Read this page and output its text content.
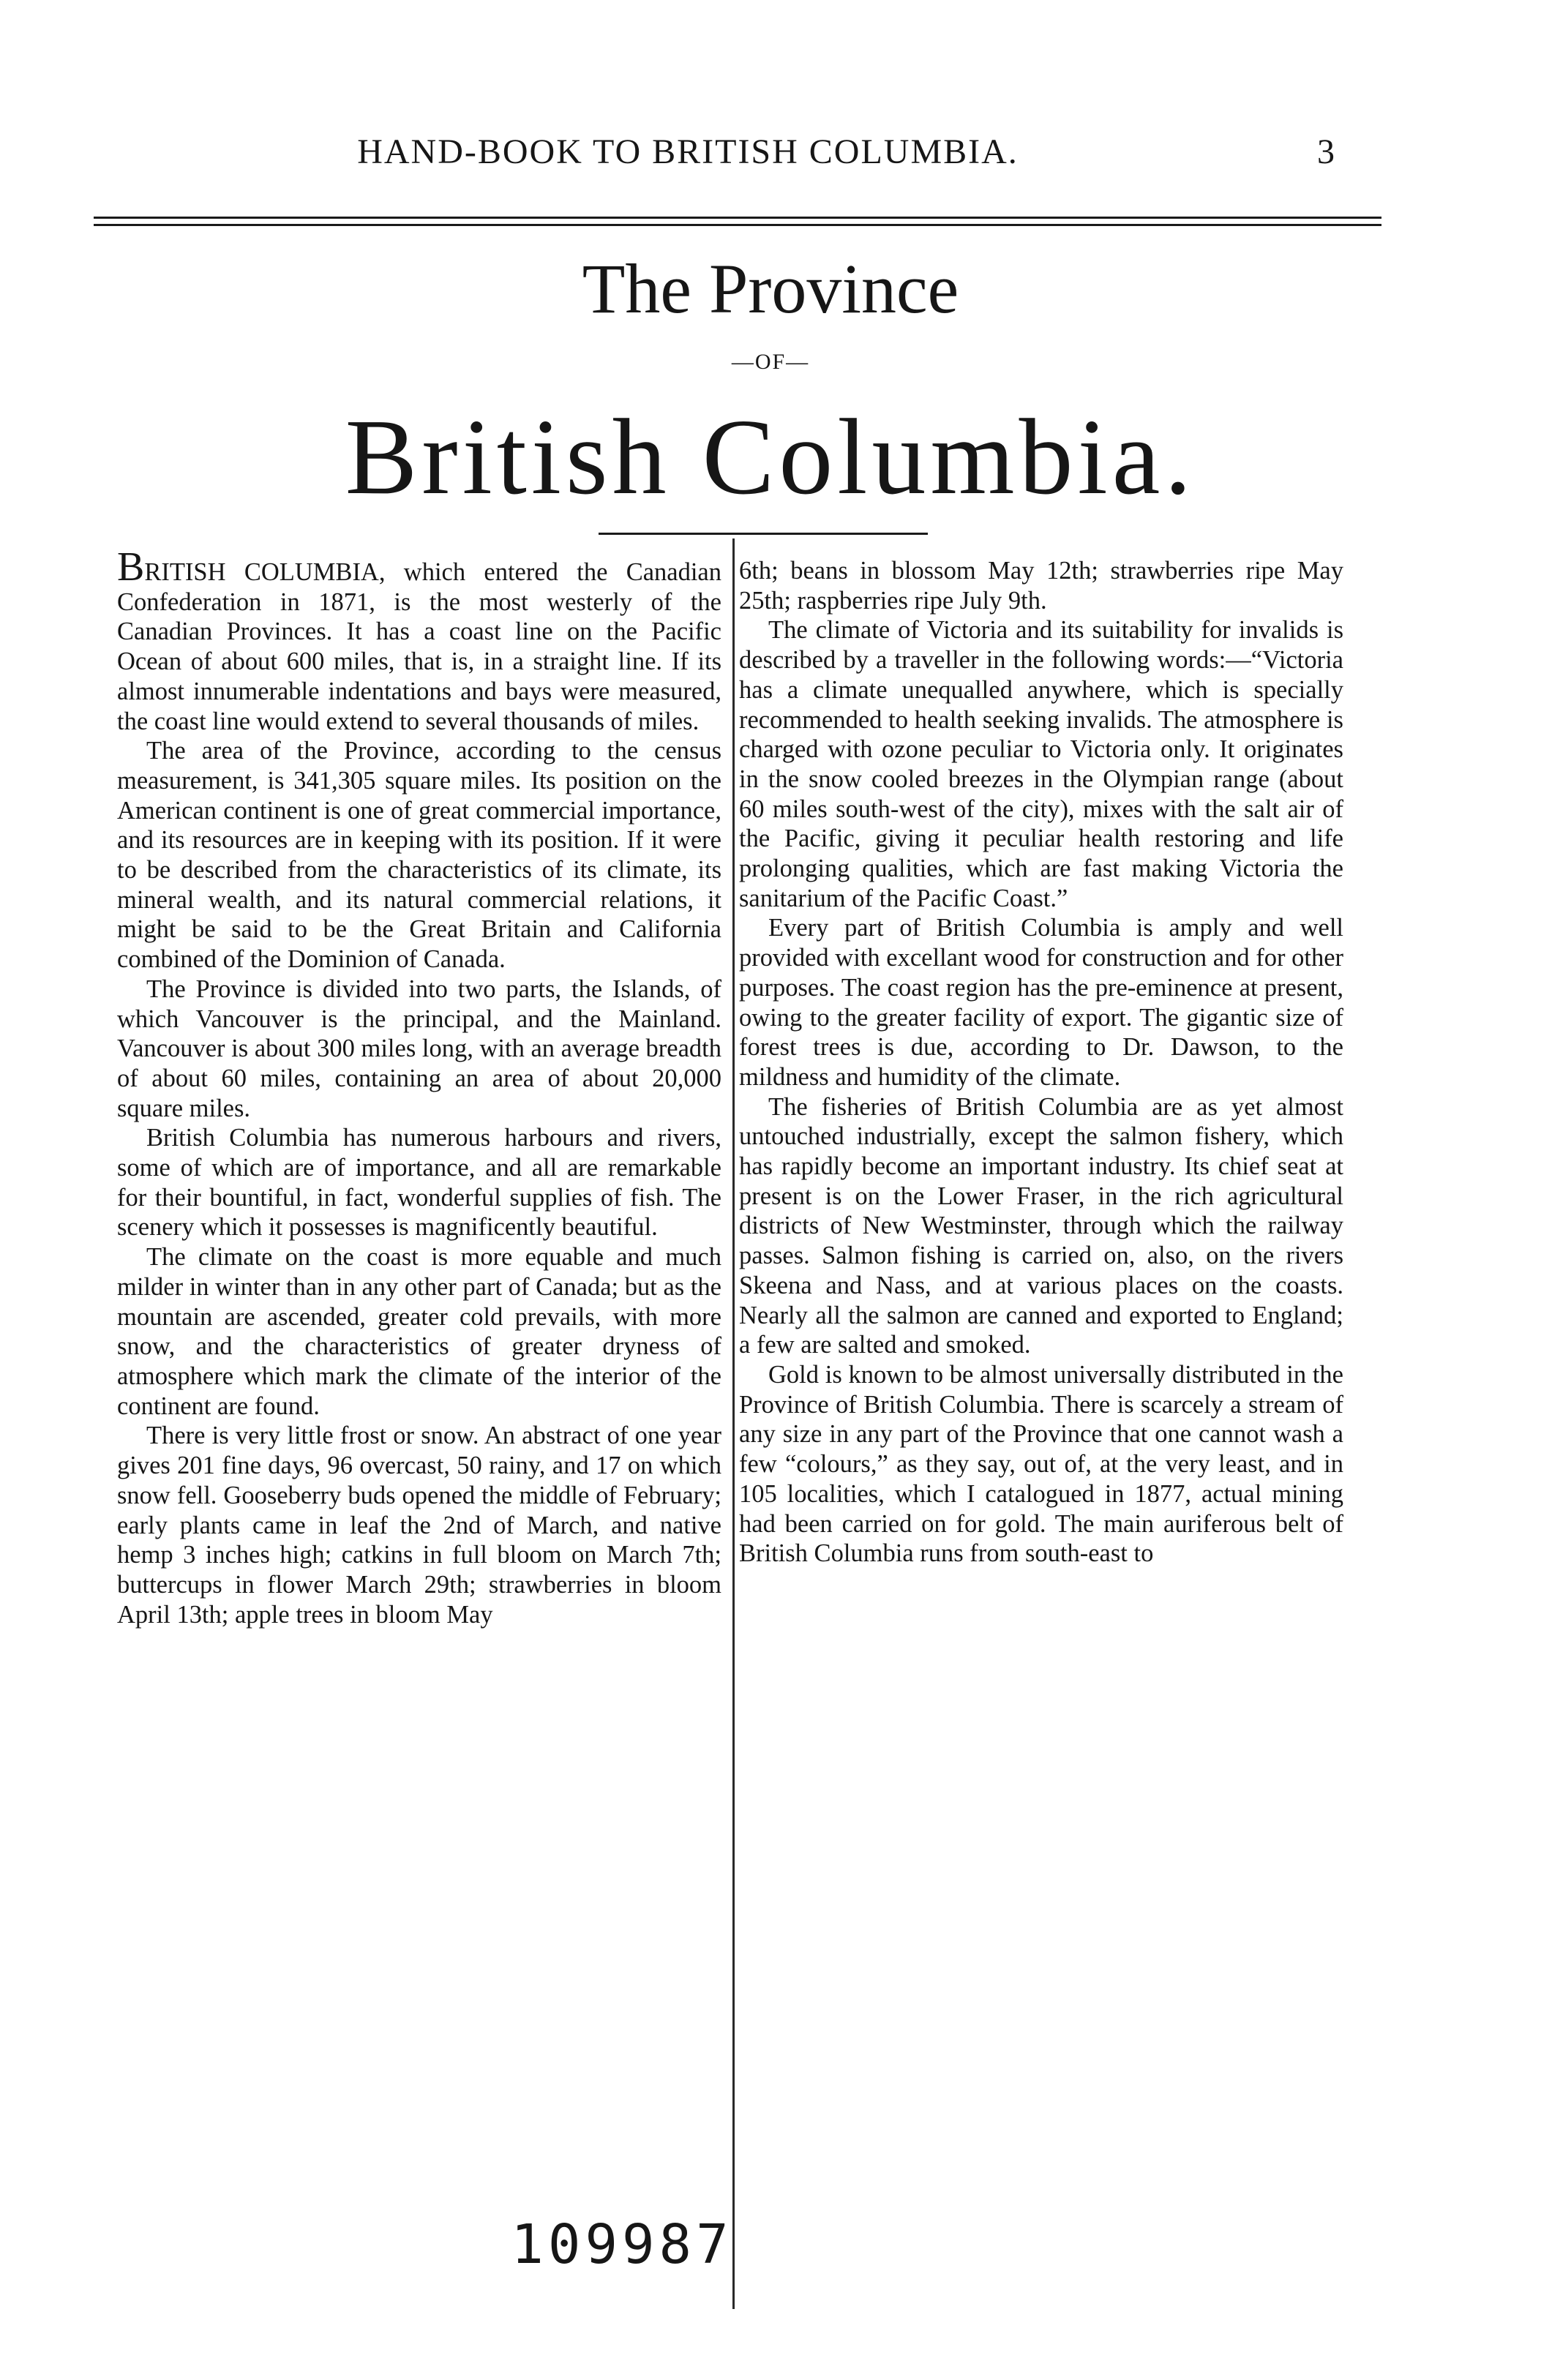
HAND-BOOK TO BRITISH COLUMBIA.	3
The Province
—OF—
British Columbia.

BRITISH COLUMBIA, which entered the Canadian Confederation in 1871, is the most westerly of the Canadian Provinces. It has a coast line on the Pacific Ocean of about 600 miles, that is, in a straight line. If its almost innumerable indentations and bays were measured, the coast line would extend to several thousands of miles.

The area of the Province, according to the census measurement, is 341,305 square miles. Its position on the American continent is one of great commercial importance, and its resources are in keeping with its position. If it were to be described from the characteristics of its climate, its mineral wealth, and its natural commercial relations, it might be said to be the Great Britain and California combined of the Dominion of Canada.

The Province is divided into two parts, the Islands, of which Vancouver is the principal, and the Mainland. Vancouver is about 300 miles long, with an average breadth of about 60 miles, containing an area of about 20,000 square miles.

British Columbia has numerous harbours and rivers, some of which are of importance, and all are remarkable for their bountiful, in fact, wonderful supplies of fish. The scenery which it possesses is magnificently beautiful.

The climate on the coast is more equable and much milder in winter than in any other part of Canada; but as the mountain are ascended, greater cold prevails, with more snow, and the characteristics of greater dryness of atmosphere which mark the climate of the interior of the continent are found.

There is very little frost or snow. An abstract of one year gives 201 fine days, 96 overcast, 50 rainy, and 17 on which snow fell. Gooseberry buds opened the middle of February; early plants came in leaf the 2nd of March, and native hemp 3 inches high; catkins in full bloom on March 7th; buttercups in flower March 29th; strawberries in bloom April 13th; apple trees in bloom May

6th; beans in blossom May 12th; strawberries ripe May 25th; raspberries ripe July 9th.

The climate of Victoria and its suitability for invalids is described by a traveller in the following words:—“Victoria has a climate unequalled anywhere, which is specially recommended to health seeking invalids. The atmosphere is charged with ozone peculiar to Victoria only. It originates in the snow cooled breezes in the Olympian range (about 60 miles south-west of the city), mixes with the salt air of the Pacific, giving it peculiar health restoring and life prolonging qualities, which are fast making Victoria the sanitarium of the Pacific Coast.”

Every part of British Columbia is amply and well provided with excellant wood for construction and for other purposes. The coast region has the pre-eminence at present, owing to the greater facility of export. The gigantic size of forest trees is due, according to Dr. Dawson, to the mildness and humidity of the climate.

The fisheries of British Columbia are as yet almost untouched industrially, except the salmon fishery, which has rapidly become an important industry. Its chief seat at present is on the Lower Fraser, in the rich agricultural districts of New Westminster, through which the railway passes. Salmon fishing is carried on, also, on the rivers Skeena and Nass, and at various places on the coasts. Nearly all the salmon are canned and exported to England; a few are salted and smoked.

Gold is known to be almost universally distributed in the Province of British Columbia. There is scarcely a stream of any size in any part of the Province that one cannot wash a few “colours,” as they say, out of, at the very least, and in 105 localities, which I catalogued in 1877, actual mining had been carried on for gold. The main auriferous belt of British Columbia runs from south-east to

109987
